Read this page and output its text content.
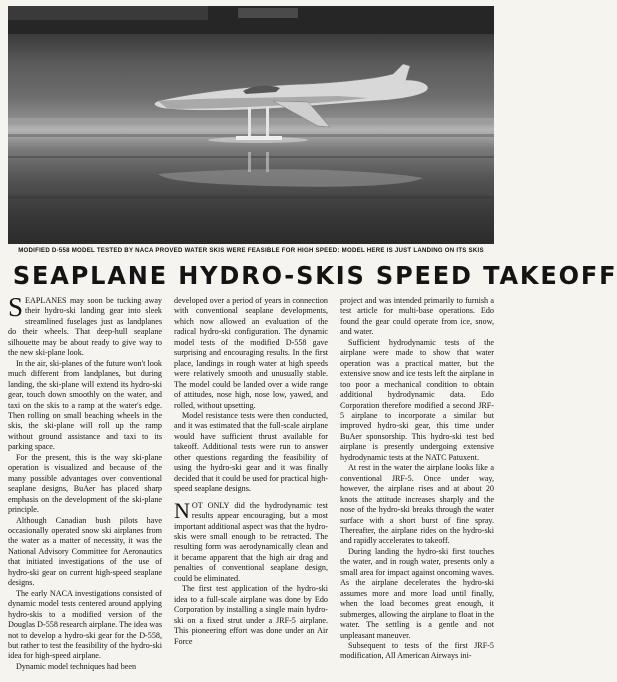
MODIFIED D-558 MODEL TESTED BY NACA PROVED WATER SKIS WERE FEASIBLE FOR HIGH SPEED: MODEL HERE IS JUST LANDING ON ITS SKIS
SEAPLANE HYDRO-SKIS SPEED TAKEOFF

SEAPLANES may soon be tucking away their hydro-ski landing gear into sleek streamlined fuselages just as landplanes do their wheels. That deep-hull seaplane silhouette may be about ready to give way to the new ski-plane look.

In the air, ski-planes of the future won't look much different from landplanes, but during landing, the ski-plane will extend its hydro-ski gear, touch down smoothly on the water, and taxi on the skis to a ramp at the water's edge. Then rolling on small beaching wheels in the skis, the ski-plane will roll up the ramp without ground assistance and taxi to its parking space.

For the present, this is the way ski-plane operation is visualized and because of the many possible advantages over conventional seaplane designs, BuAer has placed sharp emphasis on the development of the ski-plane principle.

Although Canadian bush pilots have occasionally operated snow ski airplanes from the water as a matter of necessity, it was the National Advisory Committee for Aeronautics that initiated investigations of the use of hydro-ski gear on current high-speed seaplane designs.

The early NACA investigations consisted of dynamic model tests centered around applying hydro-skis to a modified version of the Douglas D-558 research airplane. The idea was not to develop a hydro-ski gear for the D-558, but rather to test the feasibility of the hydro-ski idea for high-speed airplane.

Dynamic model techniques had been

developed over a period of years in connection with conventional seaplane developments, which now allowed an evaluation of the radical hydro-ski configuration. The dynamic model tests of the modified D-558 gave surprising and encouraging results. In the first place, landings in rough water at high speeds were relatively smooth and unusually stable. The model could be landed over a wide range of attitudes, nose high, nose low, yawed, and rolled, without upsetting.

Model resistance tests were then conducted, and it was estimated that the full-scale airplane would have sufficient thrust available for takeoff. Additional tests were run to answer other questions regarding the feasibility of using the hydro-ski gear and it was finally decided that it could be used for practical high-speed seaplane designs.

NOT ONLY did the hydrodynamic test results appear encouraging, but a most important additional aspect was that the hydro-skis were small enough to be retracted. The resulting form was aerodynamically clean and it became apparent that the high air drag and penalties of conventional seaplane design, could be eliminated.

The first test application of the hydro-ski idea to a full-scale airplane was done by Edo Corporation by installing a single main hydro-ski on a fixed strut under a JRF-5 airplane. This pioneering effort was done under an Air Force

project and was intended primarily to furnish a test article for multi-base operations. Edo found the gear could operate from ice, snow, and water.

Sufficient hydrodynamic tests of the airplane were made to show that water operation was a practical matter, but the extensive snow and ice tests left the airplane in too poor a mechanical condition to obtain additional hydrodynamic data. Edo Corporation therefore modified a second JRF-5 airplane to incorporate a similar but improved hydro-ski gear, this time under BuAer sponsorship. This hydro-ski test bed airplane is presently undergoing extensive hydrodynamic tests at the NATC Patuxent.

At rest in the water the airplane looks like a conventional JRF-5. Once under way, however, the airplane rises and at about 20 knots the attitude increases sharply and the nose of the hydro-ski breaks through the water surface with a short burst of fine spray. Thereafter, the airplane rides on the hydro-ski and rapidly accelerates to takeoff.

During landing the hydro-ski first touches the water, and in rough water, presents only a small area for impact against oncoming waves. As the airplane decelerates the hydro-ski assumes more and more load until finally, when the load becomes great enough, it submerges, allowing the airplane to float in the water. The settling is a gentle and not unpleasant maneuver.

Subsequent to tests of the first JRF-5 modification, All American Airways ini-
